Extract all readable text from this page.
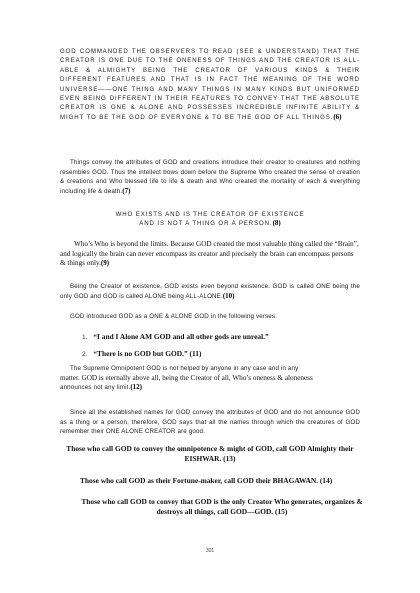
GOD COMMANDED THE OBSERVERS TO READ (SEE & UNDERSTAND) THAT THE CREATOR IS ONE DUE TO THE ONENESS OF THINGS AND THE CREATOR IS ALL-ABLE & ALMIGHTY BEING THE CREATOR OF VARIOUS KINDS & THEIR DIFFERENT FEATURES AND THAT IS IN FACT THE MEANING OF THE WORD UNIVERSE——ONE THING AND MANY THINGS IN MANY KINDS BUT UNIFORMED EVEN BEING DIFFERENT IN THEIR FEATURES TO CONVEY THAT THE ABSOLUTE CREATOR IS ONE & ALONE AND POSSESSES INCREDIBLE INFINITE ABILITY & MIGHT TO BE THE GOD OF EVERYONE & TO BE THE GOD OF ALL THINGS.(6)
Things convey the attributes of GOD and creations introduce their creator to creatures and nothing resembles GOD. Thus the intellect bows down before the Supreme Who created the sense of creation & creations and Who blessed life to life & death and Who created the mortality of each & everything including life & death.(7)
WHO EXISTS AND IS THE CREATOR OF EXISTENCE
AND IS NOT A THING OR A PERSON.(8)
Who’s Who is beyond the limits. Because GOD created the most valuable thing called the “Brain”, and logically the brain can never encompass its creator and precisely the brain can encompass persons & things only.(9)
Being the Creator of existence, GOD exists even beyond existence. GOD is called ONE being the only GOD and GOD is called ALONE being ALL-ALONE.(10)
GOD introduced GOD as a ONE & ALONE GOD in the following verses:
1. “I and I Alone AM GOD and all other gods are unreal.”
2. “There is no GOD but GOD.” (11)
The Supreme Omnipotent GOD is not helped by anyone in any case and in any
matter. GOD is eternally above all, being the Creator of all, Who’s oneness & aloneness
announces not any limit.(12)
Since all the established names for GOD convey the attributes of GOD and do not announce GOD as a thing or a person, therefore, GOD says that all the names through which the creatures of GOD remember their ONE ALONE CREATOR are good.
Those who call GOD to convey the omnipotence & might of GOD, call GOD Almighty their EISHWAR. (13)
Those who call GOD as their Fortune-maker, call GOD their BHAGAWAN. (14)
Those who call GOD to convey that GOD is the only Creator Who generates, organizes & destroys all things, call GOD—GOD. (15)
301
